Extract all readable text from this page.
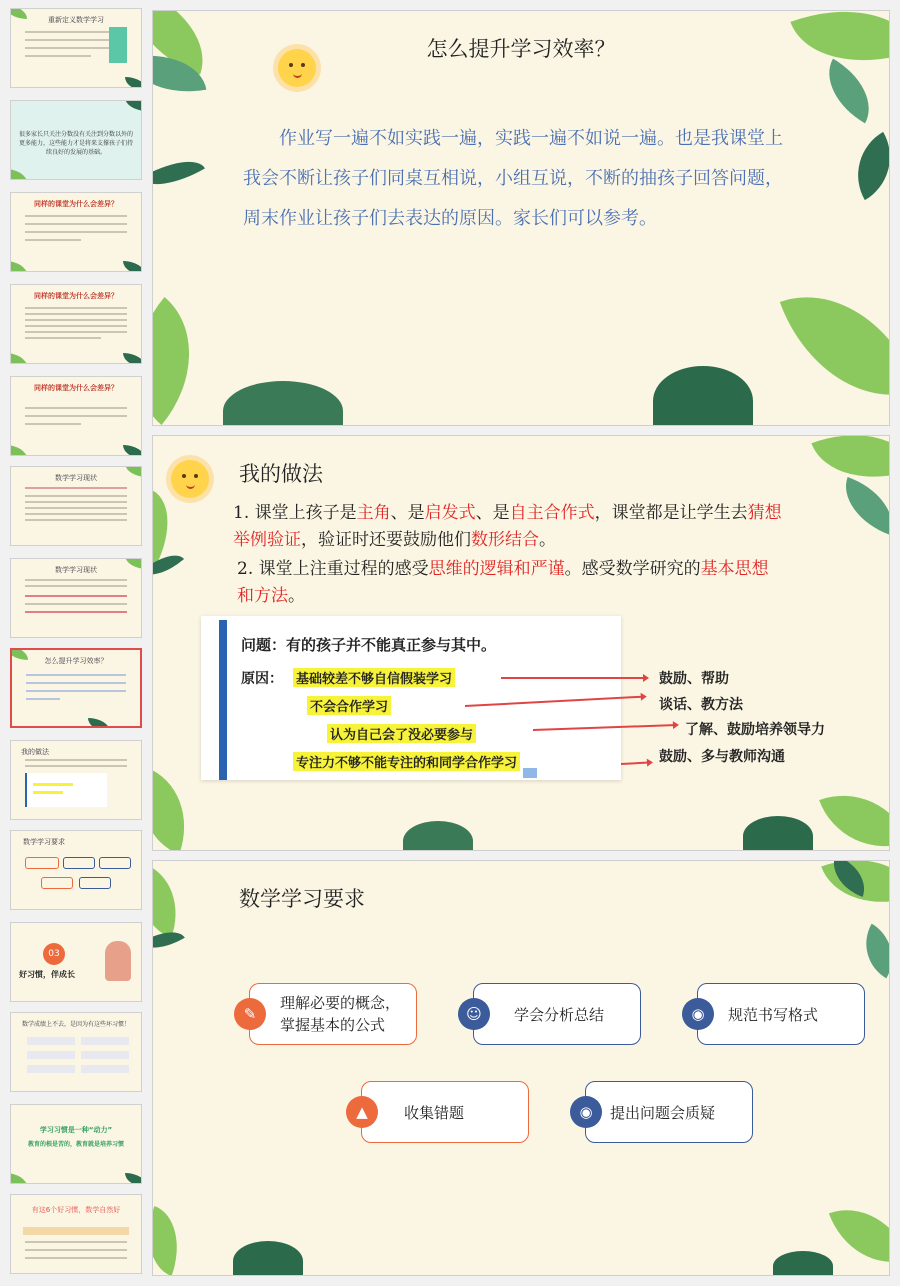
重新定义数学学习
很多家长只关注分数没有关注到分数以外的更多能力，这些能力才是将来支撑孩子们持续良好的发展的基础。
同样的课堂为什么会差异？
同样的课堂为什么会差异？
同样的课堂为什么会差异？
数学学习现状
数学学习现状
怎么提升学习效率？
我的做法
数学学习要求
03
好习惯，伴成长
数学成绩上不去，是因为有这些坏习惯！
学习习惯是一种“动力”
教育的根是苦的，教育就是培养习惯
有这6个好习惯，数学自然好
怎么提升学习效率？
作业写一遍不如实践一遍，实践一遍不如说一遍。也是我课堂上我会不断让孩子们同桌互相说，小组互说，不断的抽孩子回答问题，周末作业让孩子们去表达的原因。家长们可以参考。
我的做法
1. 课堂上孩子是主角、是启发式、是自主合作式，课堂都是让学生去猜想举例验证，验证时还要鼓励他们数形结合。
2. 课堂上注重过程的感受思维的逻辑和严谨。感受数学研究的基本思想和方法。
问题：有的孩子并不能真正参与其中。
原因： 基础较差不够自信假装学习
不会合作学习
认为自己会了没必要参与
专注力不够不能专注的和同学合作学习
鼓励、帮助
谈话、教方法
了解、鼓励培养领导力
鼓励、多与教师沟通
数学学习要求
✎
理解必要的概念，
掌握基本的公式
☺	学会分析总结	◉	规范书写格式
▲	收集错题	◉	提出问题会质疑
